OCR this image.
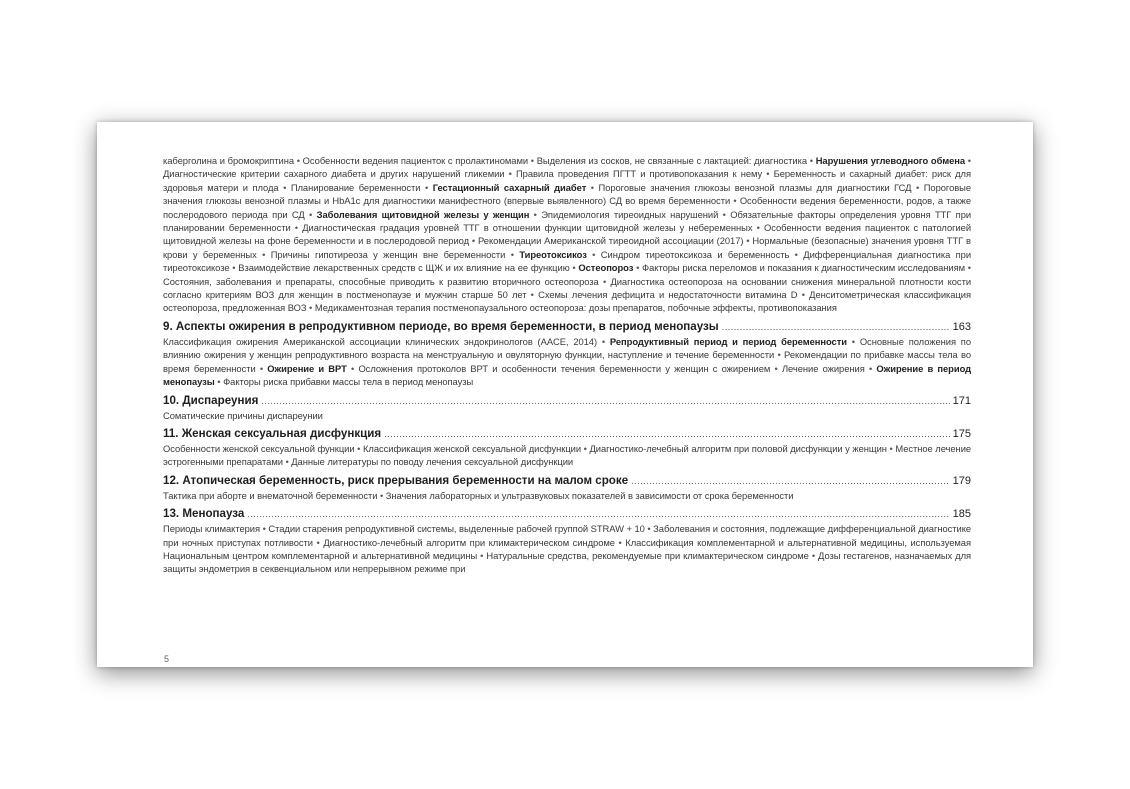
каберголина и бромокриптина • Особенности ведения пациенток с пролактиномами • Выделения из сосков, не связанные с лактацией: диагностика • Нарушения углеводного обмена • Диагностические критерии сахарного диабета и других нарушений гликемии • Правила проведения ПГТТ и противопоказания к нему • Беременность и сахарный диабет: риск для здоровья матери и плода • Планирование беременности • Гестационный сахарный диабет • Пороговые значения глюкозы венозной плазмы для диагностики ГСД • Пороговые значения глюкозы венозной плазмы и HbA1c для диагностики манифестного (впервые выявленного) СД во время беременности • Особенности ведения беременности, родов, а также послеродового периода при СД • Заболевания щитовидной железы у женщин • Эпидемиология тиреоидных нарушений • Обязательные факторы определения уровня ТТГ при планировании беременности • Диагностическая градация уровней ТТГ в отношении функции щитовидной железы у небеременных • Особенности ведения пациенток с патологией щитовидной железы на фоне беременности и в послеродовой период • Рекомендации Американской тиреоидной ассоциации (2017) • Нормальные (безопасные) значения уровня ТТГ в крови у беременных • Причины гипотиреоза у женщин вне беременности • Тиреотоксикоз • Синдром тиреотоксикоза и беременность • Дифференциальная диагностика при тиреотоксикозе • Взаимодействие лекарственных средств с ЩЖ и их влияние на ее функцию • Остеопороз • Факторы риска переломов и показания к диагностическим исследованиям • Состояния, заболевания и препараты, способные приводить к развитию вторичного остеопороза • Диагностика остеопороза на основании снижения минеральной плотности кости согласно критериям ВОЗ для женщин в постменопаузе и мужчин старше 50 лет • Схемы лечения дефицита и недостаточности витамина D • Денситометрическая классификация остеопороза, предложенная ВОЗ • Медикаментозная терапия постменопаузального остеопороза: дозы препаратов, побочные эффекты, противопоказания

9. Аспекты ожирения в репродуктивном периоде, во время беременности, в период менопаузы .....	163

Классификация ожирения Американской ассоциации клинических эндокринологов (AACE, 2014) • Репродуктивный период и период беременности • Основные положения по влиянию ожирения у женщин репродуктивного возраста на менструальную и овуляторную функции, наступление и течение беременности • Рекомендации по прибавке массы тела во время беременности • Ожирение и ВРТ • Осложнения протоколов ВРТ и особенности течения беременности у женщин с ожирением • Лечение ожирения • Ожирение в период менопаузы • Факторы риска прибавки массы тела в период менопаузы

10. Диспареуния .....	171

Соматические причины диспареунии

11. Женская сексуальная дисфункция .....	175

Особенности женской сексуальной функции • Классификация женской сексуальной дисфункции • Диагностико-лечебный алгоритм при половой дисфункции у женщин • Местное лечение эстрогенными препаратами • Данные литературы по поводу лечения сексуальной дисфункции

12. Атопическая беременность, риск прерывания беременности на малом сроке .....	179

Тактика при аборте и внематочной беременности • Значения лабораторных и ультразвуковых показателей в зависимости от срока беременности

13. Менопауза .....	185

Периоды климактерия • Стадии старения репродуктивной системы, выделенные рабочей группой STRAW + 10 • Заболевания и состояния, подлежащие дифференциальной диагностике при ночных приступах потливости • Диагностико-лечебный алгоритм при климактерическом синдроме • Классификация комплементарной и альтернативной медицины, используемая Национальным центром комплементарной и альтернативной медицины • Натуральные средства, рекомендуемые при климактерическом синдроме • Дозы гестагенов, назначаемых для защиты эндометрия в секвенциальном или непрерывном режиме при

5
